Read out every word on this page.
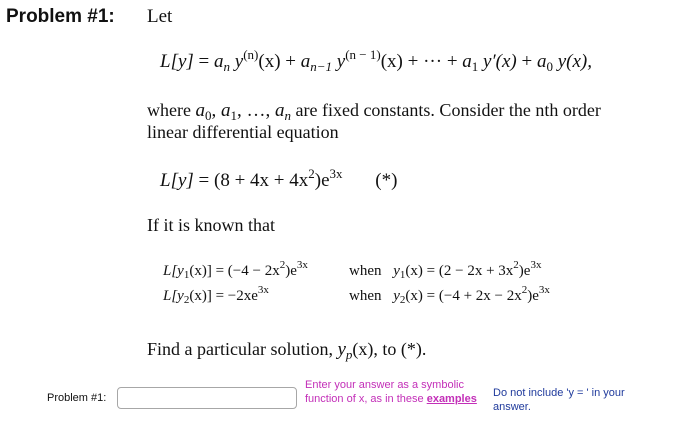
Problem #1: Let
$L[y] = a_n$ $y^{(n)}(x) + a_{n-1}$ $y^{(n - 1)}(x)$ + ··· + $a_1$ $y'(x) + a_0$ y(x),
where $a_0$, $a_1$, …, $a_n$ are fixed constants. Consider the nth order
linear differential equation
$L[y] = (8 + 4x + 4x^2)e^{3x}$ (*)
If it is known that
$L[y_1(x)] = (-4 - 2x^2)e^{3x}$	when $y_1(x) = (2 - 2x + 3x^2)e^{3x}$
$L[y_2(x)] = -2xe^{3x}$	when $y_2(x) = (-4 + 2x - 2x^2)e^{3x}$
Find a particular solution, $y_p(x)$, to (*).
Problem #1:
Enter your answer as a symbolic function of x, as in these examples	Do not include 'y = ' in your answer.
